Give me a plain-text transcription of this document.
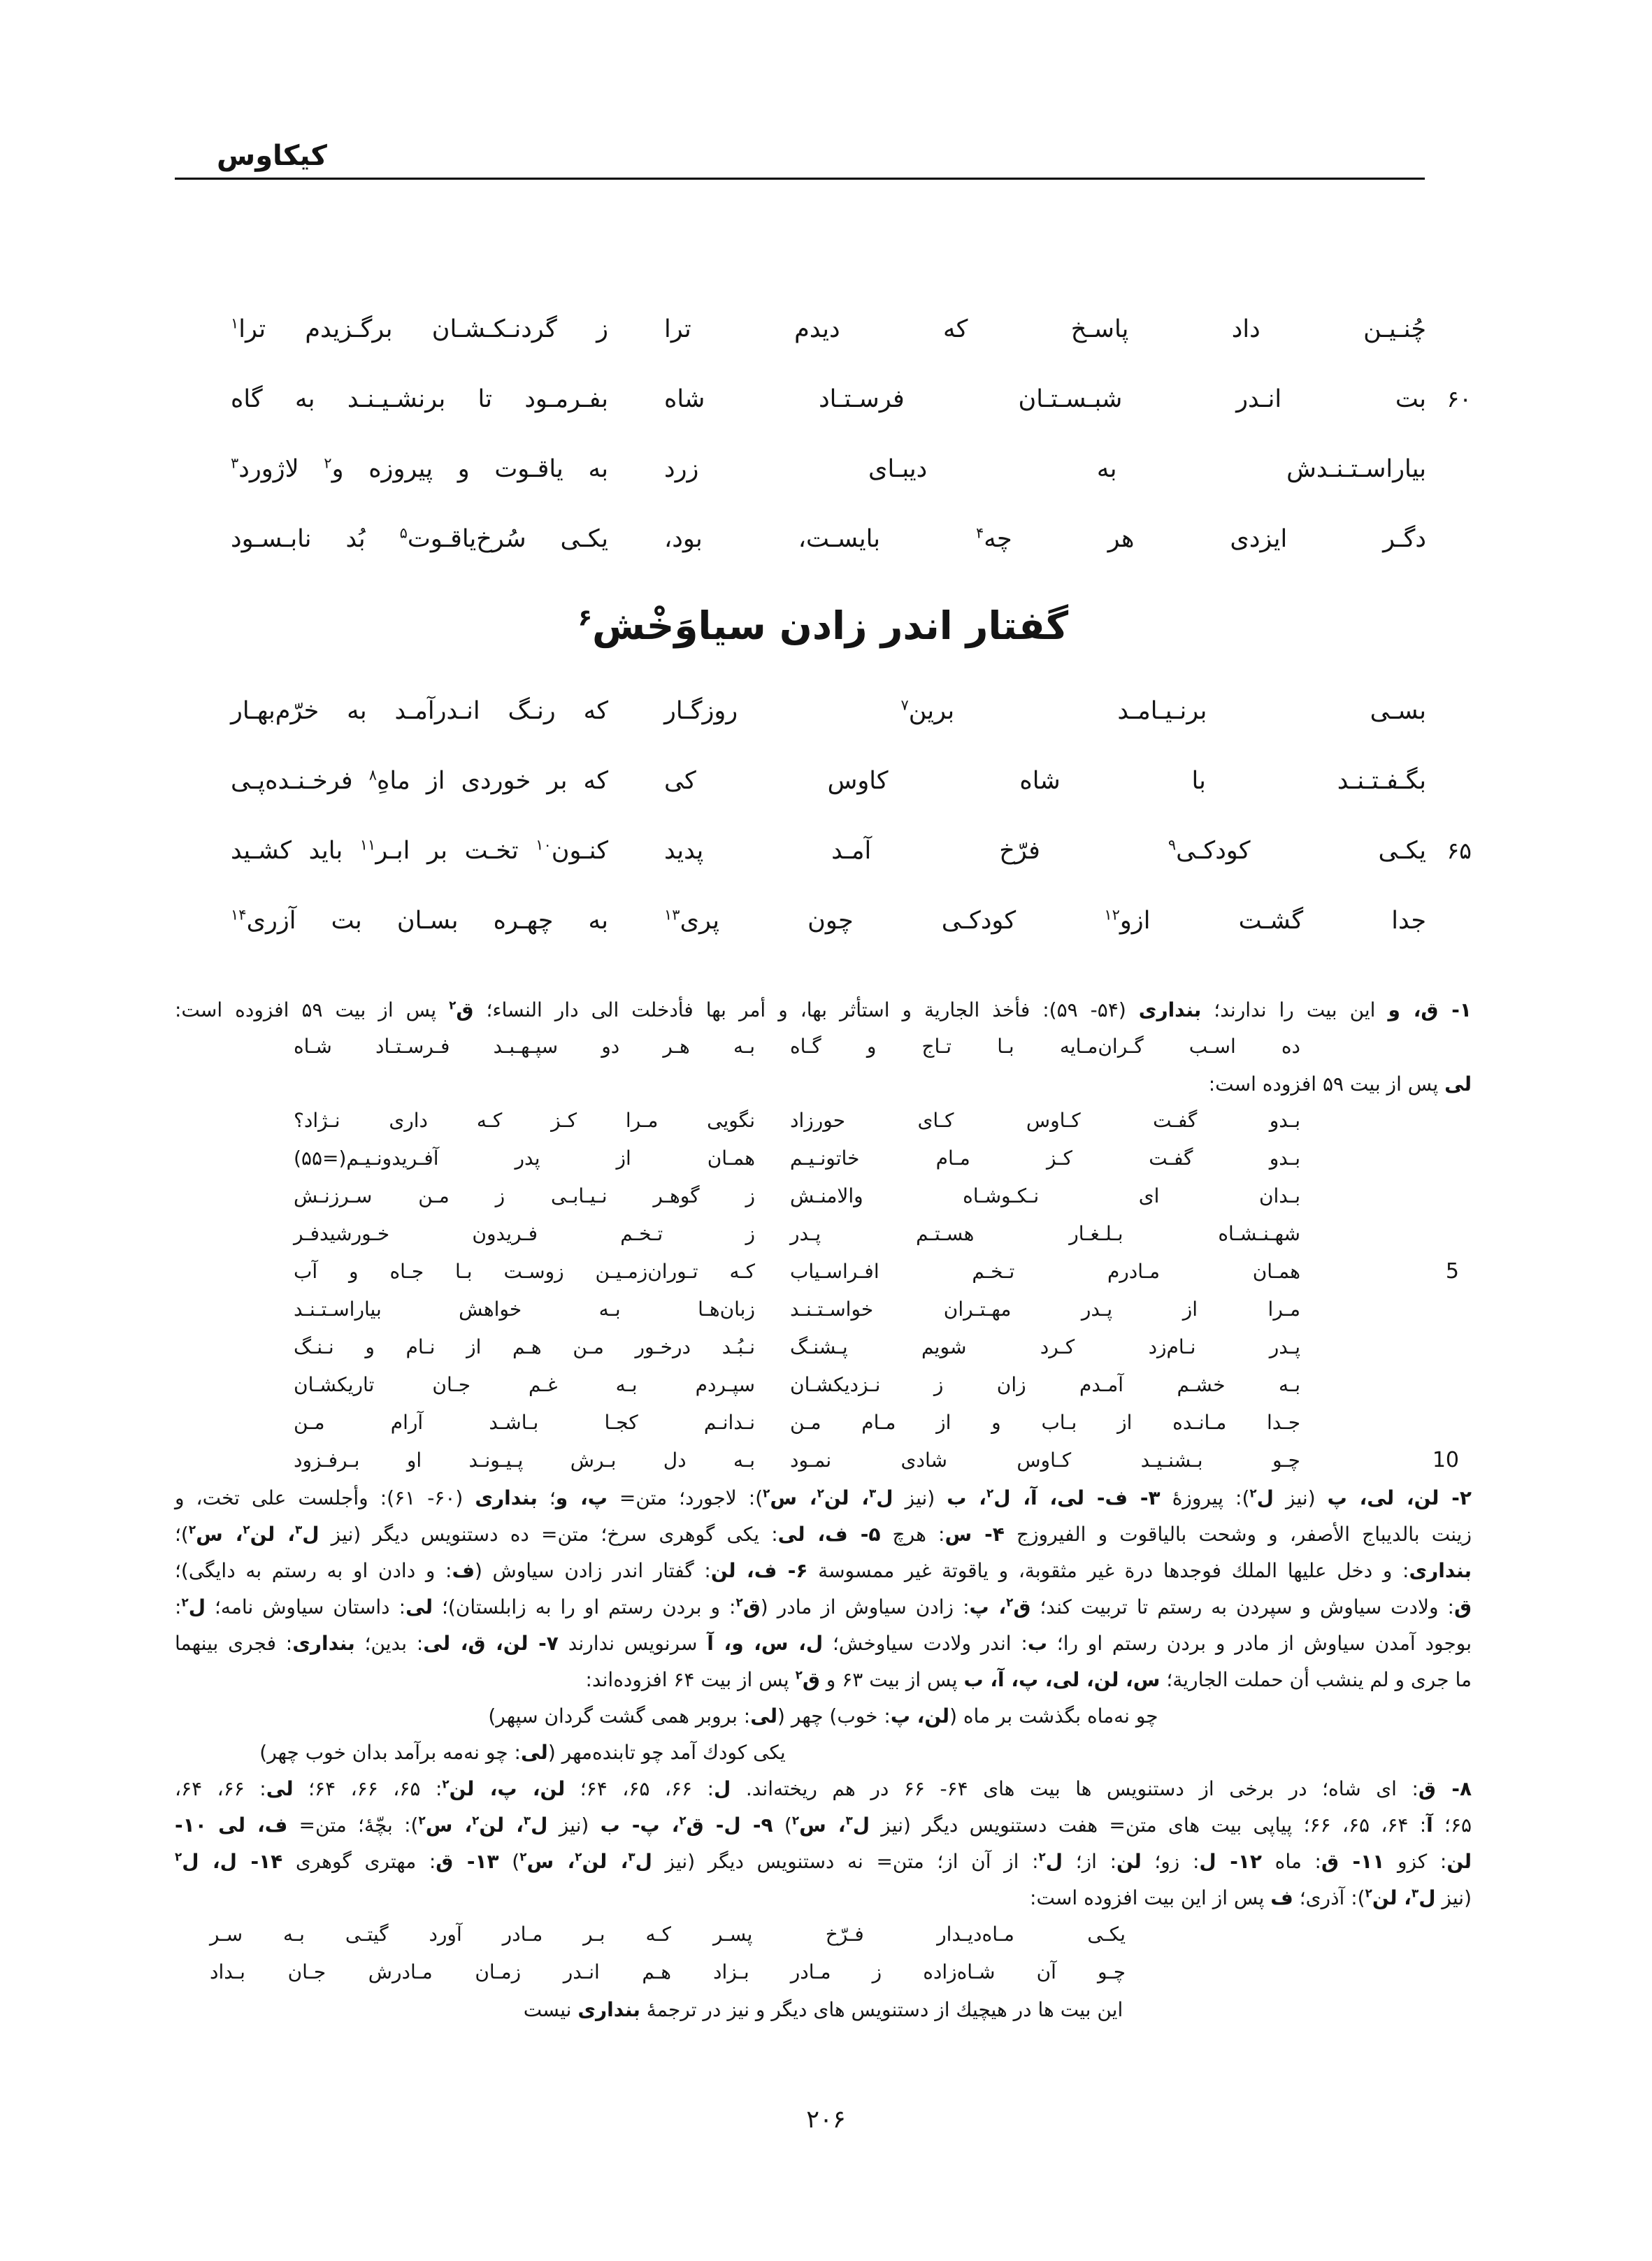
کیکاوس
چُنـیـن داد پاسـخ که دیدم ترا
ز گردنـکـشـان برگـزیدم ترا$^۱$
۶۰
بت انـدر شبـسـتـان فرسـتـاد شاه
بفـرمـود تا برنشـیـنـد به گاه
بیاراسـتـنـدش به دیبـای زرد
به یاقـوت و پیروزه و$^۲$ لاژورد$^۳$
دگـر ایزدی هر چه$^۴$ بایسـت، بود،
یکـی سُرخ‌یاقـوت$^۵$ بُد نابـسـود
گفتار اندر زادن سیاوَخْش$^۶$
بسـی برنـیـامـد برین$^۷$ روزگـار
که رنـگ انـدرآمـد به خرّم‌بهـار
بگـفـتـنـد با شاه کاوس کی
که بر خوردی از ماهِ$^۸$ فرخـنـده‌پـی
۶۵
یکـی کودکـی$^۹$ فرّخ آمـد پدید
کنـون$^{۱۰}$ تخـت بر ابـر$^{۱۱}$ باید کشـید
جدا گشـت ازو$^{۱۲}$ کودکـی چون پری$^{۱۳}$
به چهـره بسـان بت آزری$^{۱۴}$
۱- ق، و این بیت را ندارند؛ بنداری (۵۴- ۵۹): فأخذ الجاریة و استأثر بها، و أمر بها فأدخلت الی دار النساء؛ ق$^۲$ پس از بیت ۵۹ افزوده است:
ده اسـب گـران‌مـایه بـا تـاج و گـاه
بـه هـر دو سپـهـبـد فـرسـتـاد شـاه
لی پس از بیت ۵۹ افزوده است:
بـدو گفـت کـاوس کـای حورزاد
نگویی مـرا کـز کـه داری نـژاد؟
بـدو گفـت کـز مـام خاتونـیـم
همـان از پدر آفـریدونـیـم(=۵۵)
بـدان ای نـکـوشـاه والامنـش
ز گوهـر نـیـابـی ز مـن سـرزنـش
شهـنـشـاه بـلـغـار هسـتـم پـدر
ز تـخـم فـریدون خـورشیدفـر
5
همـان مـادرم تـخـم افـراسـیاب
کـه تـوران‌زمـیـن زوسـت بـا جـاه و آب
مـرا از پـدر مهـتـران خواسـتـنـد
زبان‌هـا بـه خواهش بیاراسـتـنـد
پـدر نـام‌زد کـرد شویم پـشنـگ
نـبُـد درخـور مـن هـم از نـام و نـنـگ
بـه خشـم آمـدم زان ز نـزدیکشـان
سپـردم بـه غـم جـان تاریکشـان
جـدا مـانـده از بـاب و از مـام مـن
نـدانـم کجـا بـاشـد آرام مـن
10
چـو بـشنـیـد کـاوس شادی نمـود
بـه دل بـرش پـیـونـد او بـرفـزود
۲- لن، لی، پ (نیز ل$^۲$): پیروزۀ ۳- ف- لی، آ، ل$^۲$، ب (نیز ل$^۳$، لن$^۲$، س$^۲$): لاجورد؛ متن= پ، و؛ بنداری (۶۰- ۶۱): وأجلست علی تخت، و
زینت بالدیباج الأصفر، و وشحت بالیاقوت و الفیروزج ۴- س: هرچ ۵- ف، لی: یکی گوهری سرخ؛ متن= ده دستنویس دیگر (نیز ل$^۳$، لن$^۲$، س$^۲$)؛
بنداری: و دخل علیها الملك فوجدها درة غیر مثقوبة، و یاقوتة غیر ممسوسة ۶- ف، لن: گفتار اندر زادن سیاوش (ف: و دادن او به رستم به دایگی)؛
ق: ولادت سیاوش و سپردن به رستم تا تربیت کند؛ ق$^۲$، پ: زادن سیاوش از مادر (ق$^۲$: و بردن رستم او را به زابلستان)؛ لی: داستان سیاوش نامه؛ ل$^۲$:
بوجود آمدن سیاوش از مادر و بردن رستم او را؛ ب: اندر ولادت سیاوخش؛ ل، س، و، آ سرنویس ندارند ۷- لن، ق، لی: بدین؛ بنداری: فجری بینهما
ما جری و لم ینشب أن حملت الجاریة؛ س، لن، لی، پ، آ، ب پس از بیت ۶۳ و ق$^۲$ پس از بیت ۶۴ افزوده‌اند:
چو نه‌ماه بگذشت بر ماه (لن، پ: خوب) چهر (لی: بروبر همی گشت گردان سپهر)
یکی کودك آمد چو تابنده‌مهر (لی: چو نه‌مه برآمد بدان خوب چهر)
۸- ق: ای شاه؛ در برخی از دستنویس ها بیت های ۶۴- ۶۶ در هم ریخته‌اند. ل: ۶۶، ۶۵، ۶۴؛ لن، پ، لن$^۲$: ۶۵، ۶۶، ۶۴؛ لی: ۶۶، ۶۴،
۶۵؛ آ: ۶۴، ۶۵، ۶۶؛ پیاپی بیت های متن= هفت دستنویس دیگر (نیز ل$^۳$، س$^۲$) ۹- ل- ق$^۲$، پ- ب (نیز ل$^۳$، لن$^۲$، س$^۲$): بچّۀ؛ متن= ف، لی ۱۰-
لن: کزو ۱۱- ق: ماه ۱۲- ل: زو؛ لن: از؛ ل$^۲$: از آن از؛ متن= نه دستنویس دیگر (نیز ل$^۳$، لن$^۲$، س$^۲$) ۱۳- ق: مهتری گوهری ۱۴- ل، ل$^۲$
(نیز ل$^۳$، لن$^۲$): آذری؛ ف پس از این بیت افزوده است:
یکـی مـاه‌دیـدار فـرّخ پسـر
کـه بـر مـادر آورد گیتـی بـه سـر
چـو آن شـاه‌زاده ز مـادر بـزاد
هـم انـدر زمـان مـادرش جـان بـداد
این بیت ها در هیچیك از دستنویس های دیگر و نیز در ترجمۀ بنداری نیست
۲۰۶
